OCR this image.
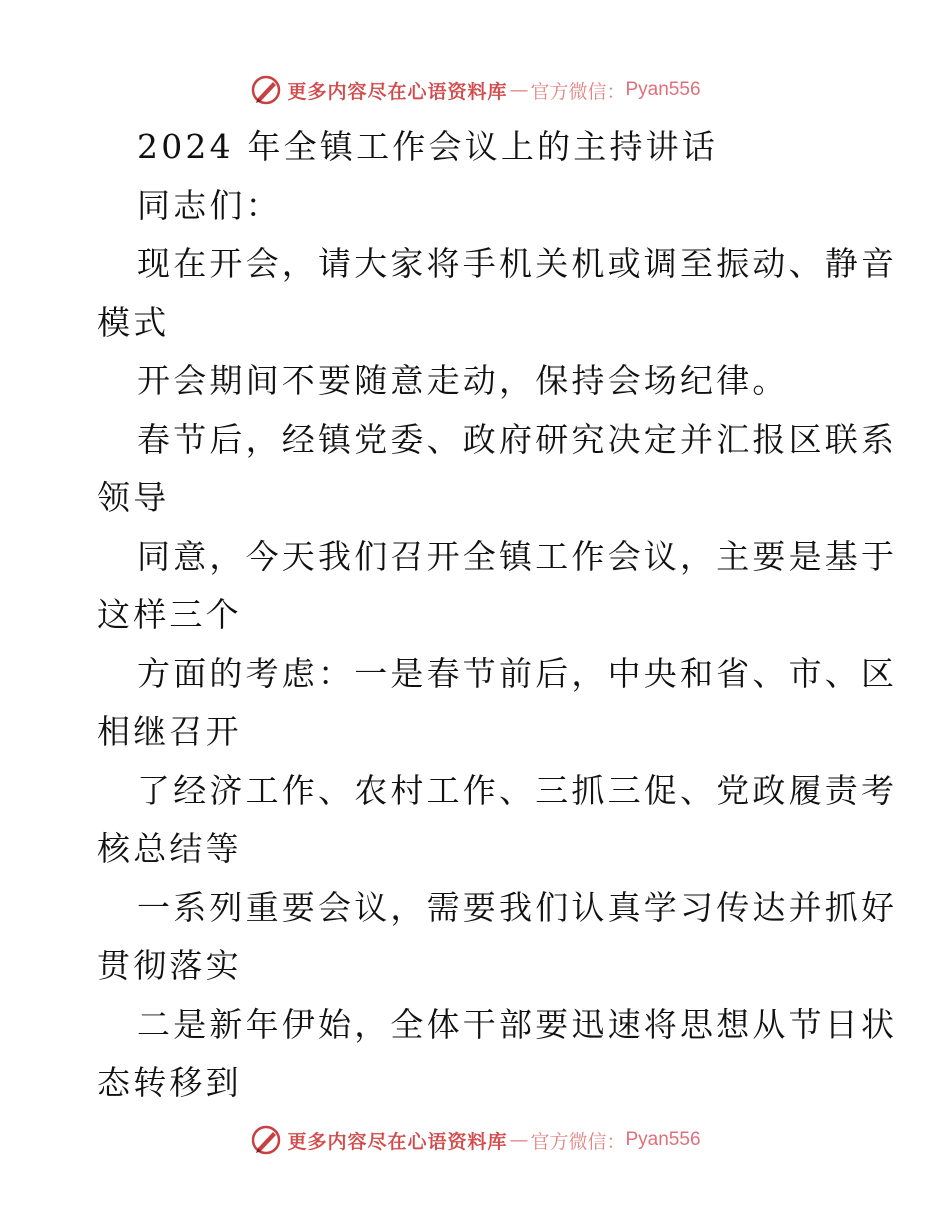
更多内容尽在心语资料库 — 官方微信： Pyan556
2024 年全镇工作会议上的主持讲话
同志们：
现在开会，请大家将手机关机或调至振动、静音
模式
开会期间不要随意走动，保持会场纪律。
春节后，经镇党委、政府研究决定并汇报区联系
领导
同意，今天我们召开全镇工作会议，主要是基于
这样三个
方面的考虑：一是春节前后，中央和省、市、区
相继召开
了经济工作、农村工作、三抓三促、党政履责考
核总结等
一系列重要会议，需要我们认真学习传达并抓好
贯彻落实
二是新年伊始，全体干部要迅速将思想从节日状
态转移到
更多内容尽在心语资料库 — 官方微信： Pyan556
